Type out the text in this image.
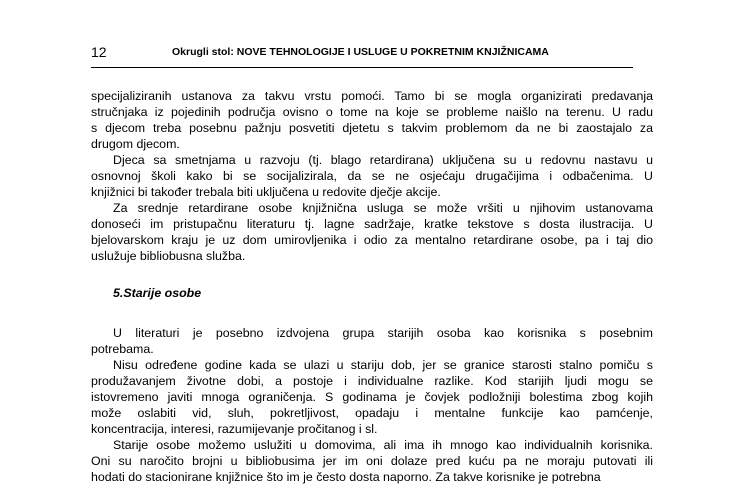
12	Okrugli stol: NOVE TEHNOLOGIJE I USLUGE U POKRETNIM KNJIŽNICAMA
specijaliziranih ustanova za takvu vrstu pomoći. Tamo bi se mogla organizirati predavanja
stručnjaka iz pojedinih područja ovisno o tome na koje se probleme naišlo na terenu. U radu
s djecom treba posebnu pažnju posvetiti djetetu s takvim problemom da ne bi zaostajalo za
drugom djecom.
Djeca sa smetnjama u razvoju (tj. blago retardirana) uključena su u redovnu nastavu u
osnovnoj školi kako bi se socijalizirala, da se ne osjećaju drugačijima i odbačenima. U
knjižnici bi također trebala biti uključena u redovite dječje akcije.
Za srednje retardirane osobe knjižnična usluga se može vršiti u njihovim ustanovama
donoseći im pristupačnu literaturu tj. lagne sadržaje, kratke tekstove s dosta ilustracija. U
bjelovarskom kraju je uz dom umirovljenika i odio za mentalno retardirane osobe, pa i taj dio
uslužuje bibliobusna služba.
5.Starije osobe
U literaturi je posebno izdvojena grupa starijih osoba kao korisnika s posebnim
potrebama.
Nisu određene godine kada se ulazi u stariju dob, jer se granice starosti stalno pomiču s
produžavanjem životne dobi, a postoje i individualne razlike. Kod starijih ljudi mogu se
istovremeno javiti mnoga ograničenja. S godinama je čovjek podložniji bolestima zbog kojih
može oslabiti vid, sluh, pokretljivost, opadaju i mentalne funkcije kao pamćenje,
koncentracija, interesi, razumijevanje pročitanog i sl.
Starije osobe možemo uslužiti u domovima, ali ima ih mnogo kao individualnih korisnika.
Oni su naročito brojni u bibliobusima jer im oni dolaze pred kuću pa ne moraju putovati ili
hodati do stacionirane knjižnice što im je često dosta naporno. Za takve korisnike je potrebna
